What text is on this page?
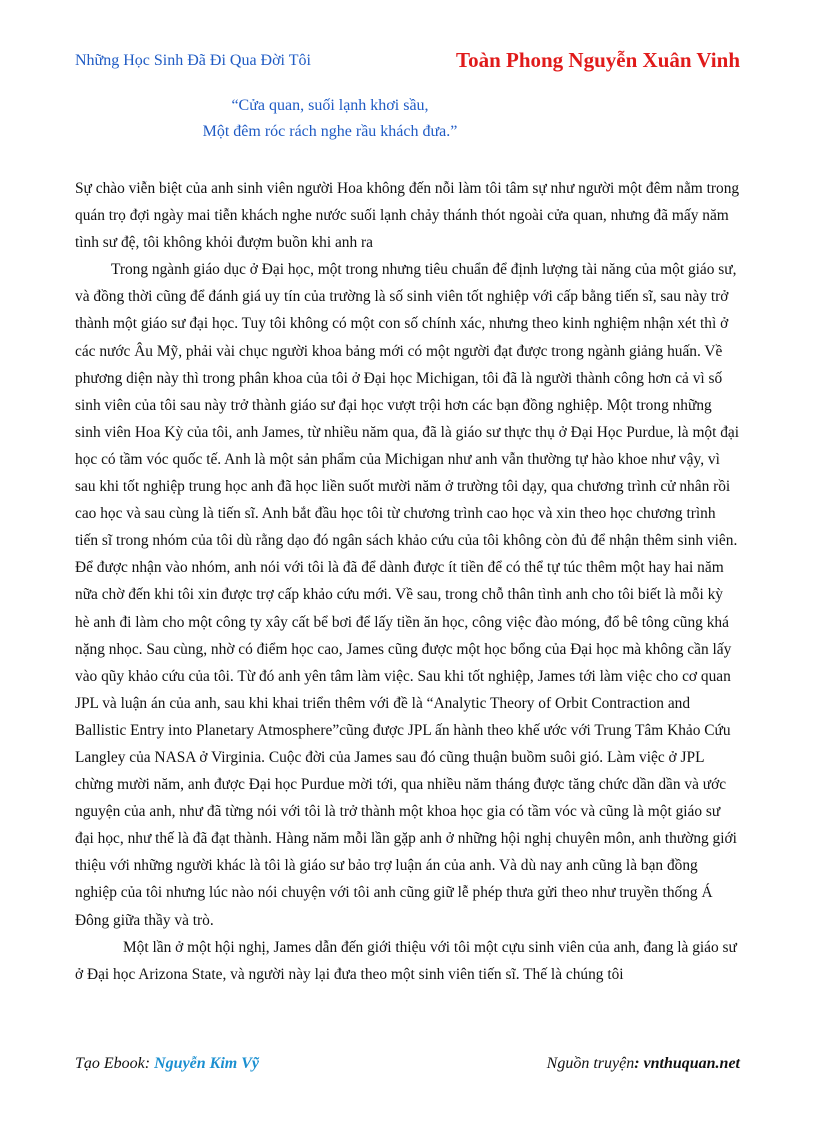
Những Học Sinh Đã Đi Qua Đời Tôi	Toàn Phong Nguyễn Xuân Vinh
“Cửa quan, suối lạnh khơi sầu,
Một đêm róc rách nghe rầu khách đưa.”

Sự chào viễn biệt của anh sinh viên người Hoa không đến nỗi làm tôi tâm sự như người một đêm nằm trong quán trọ đợi ngày mai tiễn khách nghe nước suối lạnh chảy thánh thót ngoài cửa quan, nhưng đã mấy năm tình sư đệ, tôi không khỏi đượm buồn khi anh ra

Trong ngành giáo dục ở Đại học, một trong nhưng tiêu chuẩn để định lượng tài năng của một giáo sư, và đồng thời cũng để đánh giá uy tín của trường là số sinh viên tốt nghiệp với cấp bằng tiến sĩ, sau này trở thành một giáo sư đại học. Tuy tôi không có một con số chính xác, nhưng theo kinh nghiệm nhận xét thì ở các nước Âu Mỹ, phải vài chục người khoa bảng mới có một người đạt được trong ngành giảng huấn. Về phương diện này thì trong phân khoa của tôi ở Đại học Michigan, tôi đã là người thành công hơn cả vì số sinh viên của tôi sau này trở thành giáo sư đại học vượt trội hơn các bạn đồng nghiệp. Một trong những sinh viên Hoa Kỳ của tôi, anh James, từ nhiều năm qua, đã là giáo sư thực thụ ở Đại Học Purdue, là một đại học có tầm vóc quốc tế. Anh là một sản phẩm của Michigan như anh vẫn thường tự hào khoe như vậy, vì sau khi tốt nghiệp trung học anh đã học liền suốt mười năm ở trường tôi dạy, qua chương trình cử nhân rồi cao học và sau cùng là tiến sĩ. Anh bắt đầu học tôi từ chương trình cao học và xin theo học chương trình tiến sĩ trong nhóm của tôi dù rằng dạo đó ngân sách khảo cứu của tôi không còn đủ để nhận thêm sinh viên. Để được nhận vào nhóm, anh nói với tôi là đã để dành được ít tiền để có thể tự túc thêm một hay hai năm nữa chờ đến khi tôi xin được trợ cấp khảo cứu mới. Về sau, trong chỗ thân tình anh cho tôi biết là mỗi kỳ hè anh đi làm cho một công ty xây cất bể bơi để lấy tiền ăn học, công việc đào móng, đổ bê tông cũng khá nặng nhọc. Sau cùng, nhờ có điểm học cao, James cũng được một học bổng của Đại học mà không cần lấy vào qũy khảo cứu của tôi. Từ đó anh yên tâm làm việc. Sau khi tốt nghiệp, James tới làm việc cho cơ quan JPL và luận án của anh, sau khi khai triển thêm với đề là “Analytic Theory of Orbit Contraction and Ballistic Entry into Planetary Atmosphere”cũng được JPL ấn hành theo khế ước với Trung Tâm Khảo Cứu Langley của NASA ở Virginia. Cuộc đời của James sau đó cũng thuận buồm suôi gió. Làm việc ở JPL chừng mười năm, anh được Đại học Purdue mời tới, qua nhiều năm tháng được tăng chức dần dần và ước nguyện của anh, như đã từng nói với tôi là trở thành một khoa học gia có tầm vóc và cũng là một giáo sư đại học, như thế là đã đạt thành. Hàng năm mỗi lần gặp anh ở những hội nghị chuyên môn, anh thường giới thiệu với những người khác là tôi là giáo sư bảo trợ luận án của anh. Và dù nay anh cũng là bạn đồng nghiệp của tôi nhưng lúc nào nói chuyện với tôi anh cũng giữ lễ phép thưa gửi theo như truyền thống Á Đông giữa thầy và trò.

Một lần ở một hội nghị, James dẫn đến giới thiệu với tôi một cựu sinh viên của anh, đang là giáo sư ở Đại học Arizona State, và người này lại đưa theo một sinh viên tiến sĩ. Thế là chúng tôi

Tạo Ebook: Nguyễn Kim Vỹ	Nguồn truyện: vnthuquan.net
